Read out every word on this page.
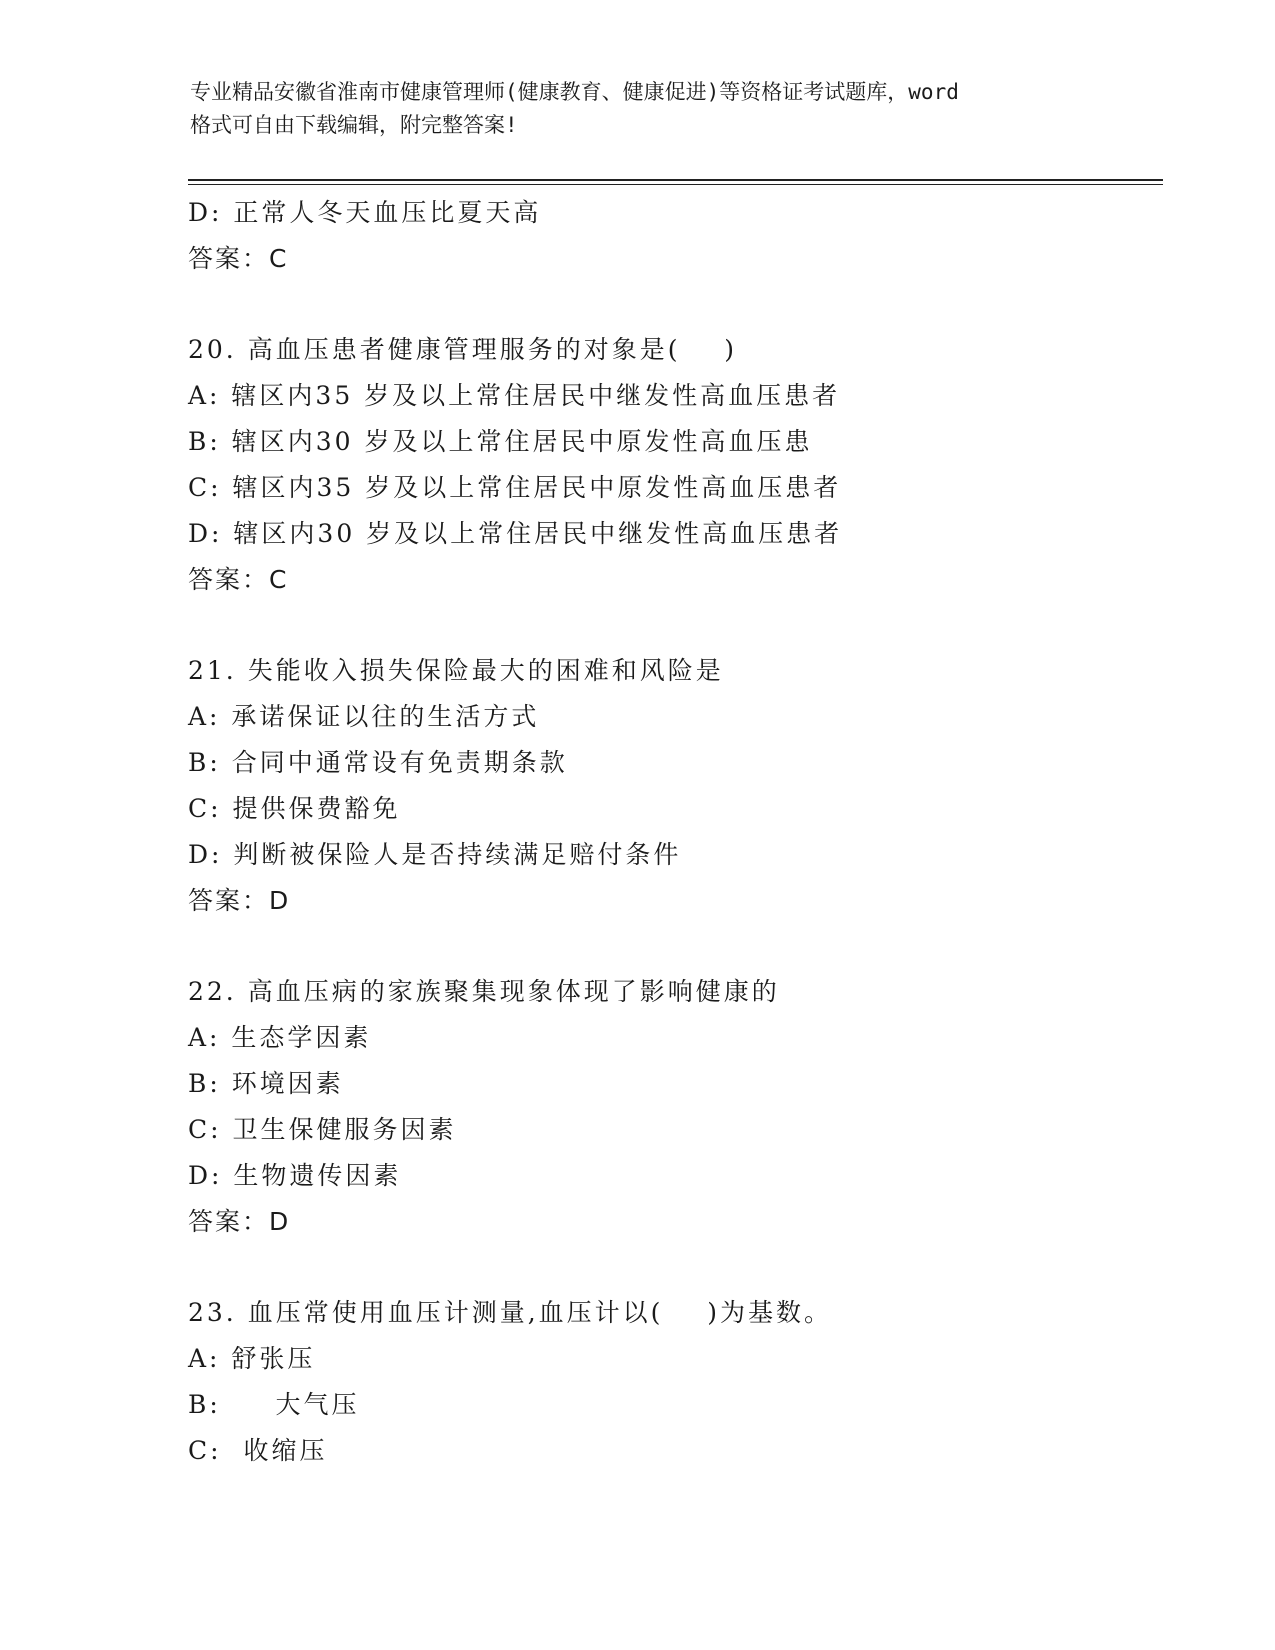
专业精品安徽省淮南市健康管理师(健康教育、健康促进)等资格证考试题库，word
格式可自由下载编辑，附完整答案!
D: 正常人冬天血压比夏天高
答案：C
20. 高血压患者健康管理服务的对象是(    )
A: 辖区内35 岁及以上常住居民中继发性高血压患者
B: 辖区内30 岁及以上常住居民中原发性高血压患
C: 辖区内35 岁及以上常住居民中原发性高血压患者
D: 辖区内30 岁及以上常住居民中继发性高血压患者
答案：C
21. 失能收入损失保险最大的困难和风险是
A: 承诺保证以往的生活方式
B: 合同中通常设有免责期条款
C: 提供保费豁免
D: 判断被保险人是否持续满足赔付条件
答案：D
22. 高血压病的家族聚集现象体现了影响健康的
A: 生态学因素
B: 环境因素
C: 卫生保健服务因素
D: 生物遗传因素
答案：D
23. 血压常使用血压计测量,血压计以(    )为基数。
A: 舒张压
B:     大气压
C:  收缩压
